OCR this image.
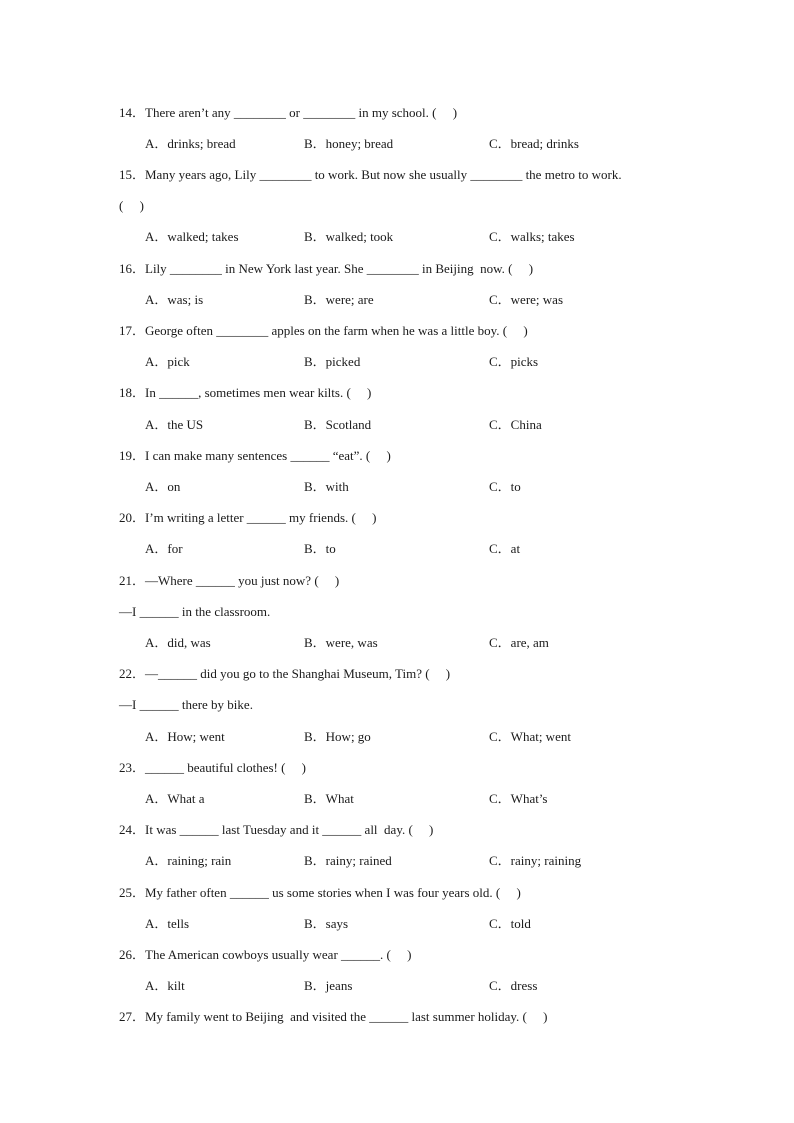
14．There aren’t any ________ or ________ in my school. (     )
A．drinks; bread	B．honey; bread	C．bread; drinks
15．Many years ago, Lily ________ to work. But now she usually ________ the metro to work.
(     )
A．walked; takes	B．walked; took	C．walks; takes
16．Lily ________ in New York last year. She ________ in Beijing  now. (     )
A．was; is	B．were; are	C．were; was
17．George often ________ apples on the farm when he was a little boy. (     )
A．pick	B．picked	C．picks
18．In ______, sometimes men wear kilts. (     )
A．the US	B．Scotland	C．China
19．I can make many sentences ______ “eat”. (     )
A．on	B．with	C．to
20．I’m writing a letter ______ my friends. (     )
A．for	B．to	C．at
21．—Where ______ you just now? (     )
—I ______ in the classroom.
A．did, was	B．were, was	C．are, am
22．—______ did you go to the Shanghai Museum, Tim? (     )
—I ______ there by bike.
A．How; went	B．How; go	C．What; went
23．______ beautiful clothes! (     )
A．What a	B．What	C．What’s
24．It was ______ last Tuesday and it ______ all  day. (     )
A．raining; rain	B．rainy; rained	C．rainy; raining
25．My father often ______ us some stories when I was four years old. (     )
A．tells	B．says	C．told
26．The American cowboys usually wear ______. (     )
A．kilt	B．jeans	C．dress
27．My family went to Beijing  and visited the ______ last summer holiday. (     )
